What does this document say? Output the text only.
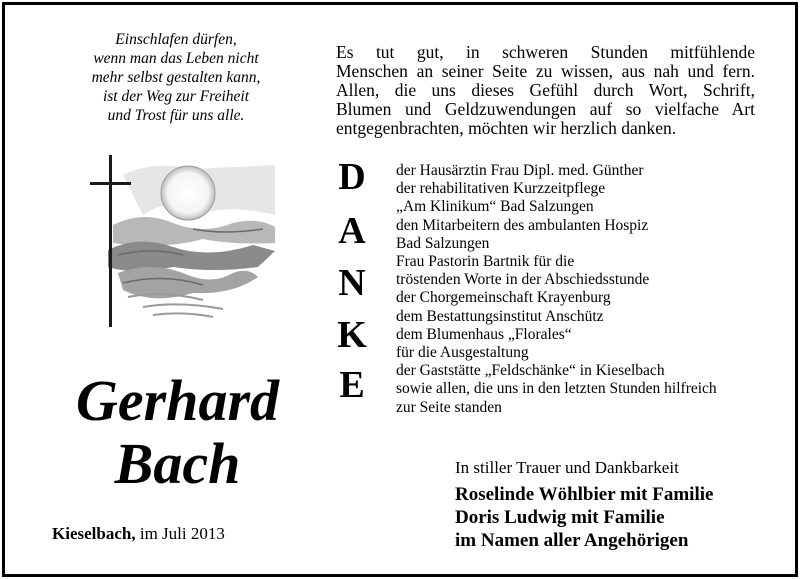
Einschlafen dürfen,
wenn man das Leben nicht
mehr selbst gestalten kann,
ist der Weg zur Freiheit
und Trost für uns alle.
Gerhard
Bach
Kieselbach, im Juli 2013
Es tut gut, in schweren Stunden mitfühlende
Menschen an seiner Seite zu wissen, aus nah und fern.
Allen, die uns dieses Gefühl durch Wort, Schrift,
Blumen und Geldzuwendungen auf so vielfache Art
entgegenbrachten, möchten wir herzlich danken.
D
A
N
K
E
der Hausärztin Frau Dipl. med. Günther
der rehabilitativen Kurzzeitpflege
„Am Klinikum“ Bad Salzungen
den Mitarbeitern des ambulanten Hospiz
Bad Salzungen
Frau Pastorin Bartnik für die
tröstenden Worte in der Abschiedsstunde
der Chorgemeinschaft Krayenburg
dem Bestattungsinstitut Anschütz
dem Blumenhaus „Florales“
für die Ausgestaltung
der Gaststätte „Feldschänke“ in Kieselbach
sowie allen, die uns in den letzten Stunden hilfreich
zur Seite standen
In stiller Trauer und Dankbarkeit
Roselinde Wöhlbier mit Familie
Doris Ludwig mit Familie
im Namen aller Angehörigen
